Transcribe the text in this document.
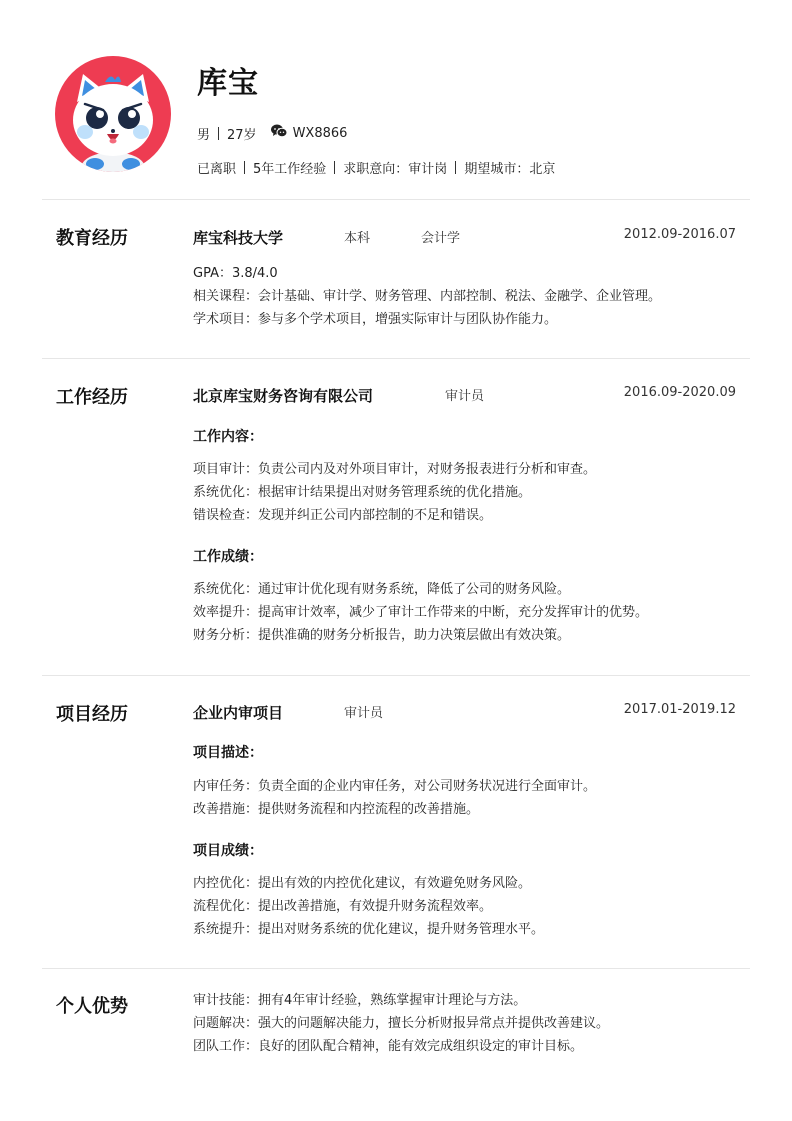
库宝
男 27岁	WX8866
已离职 5年工作经验 求职意向：审计岗 期望城市：北京
教育经历	库宝科技大学	本科	会计学	2012.09-2016.07
GPA：3.8/4.0
相关课程：会计基础、审计学、财务管理、内部控制、税法、金融学、企业管理。
学术项目：参与多个学术项目，增强实际审计与团队协作能力。
工作经历	北京库宝财务咨询有限公司	审计员	2016.09-2020.09
工作内容：
项目审计：负责公司内及对外项目审计，对财务报表进行分析和审查。
系统优化：根据审计结果提出对财务管理系统的优化措施。
错误检查：发现并纠正公司内部控制的不足和错误。
工作成绩：
系统优化：通过审计优化现有财务系统，降低了公司的财务风险。
效率提升：提高审计效率，减少了审计工作带来的中断，充分发挥审计的优势。
财务分析：提供准确的财务分析报告，助力决策层做出有效决策。
项目经历	企业内审项目	审计员	2017.01-2019.12
项目描述：
内审任务：负责全面的企业内审任务，对公司财务状况进行全面审计。
改善措施：提供财务流程和内控流程的改善措施。
项目成绩：
内控优化：提出有效的内控优化建议，有效避免财务风险。
流程优化：提出改善措施，有效提升财务流程效率。
系统提升：提出对财务系统的优化建议，提升财务管理水平。
个人优势	审计技能：拥有4年审计经验，熟练掌握审计理论与方法。
问题解决：强大的问题解决能力，擅长分析财报异常点并提供改善建议。
团队工作：良好的团队配合精神，能有效完成组织设定的审计目标。
